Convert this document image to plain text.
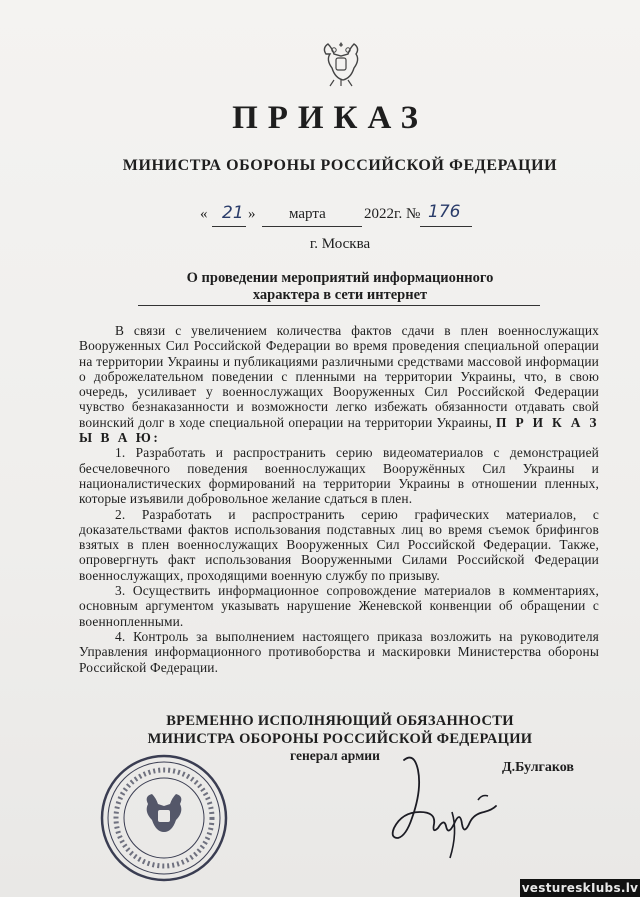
ПРИКАЗ
МИНИСТРА ОБОРОНЫ РОССИЙСКОЙ ФЕДЕРАЦИИ
« 21 » марта	2022г. № 176
г. Москва
О проведении мероприятий информационного
характера в сети интернет

В связи с увеличением количества фактов сдачи в плен военнослужащих Вооруженных Сил Российской Федерации во время проведения специальной операции на территории Украины и публикациями различными средствами массовой информации о доброжелательном поведении с пленными на территории Украины, что, в свою очередь, усиливает у военнослужащих Вооруженных Сил Российской Федерации чувство безнаказанности и возможности легко избежать обязанности отдавать свой воинский долг в ходе специальной операции на территории Украины, П Р И К А З Ы В А Ю:

1. Разработать и распространить серию видеоматериалов с демонстрацией бесчеловечного поведения военнослужащих Вооружённых Сил Украины и националистических формирований на территории Украины в отношении пленных, которые изъявили добровольное желание сдаться в плен.

2. Разработать и распространить серию графических материалов, с доказательствами фактов использования подставных лиц во время съемок брифингов взятых в плен военнослужащих Вооруженных Сил Российской Федерации. Также, опровергнуть факт использования Вооруженными Силами Российской Федерации военнослужащих, проходящими военную службу по призыву.

3. Осуществить информационное сопровождение материалов в комментариях, основным аргументом указывать нарушение Женевской конвенции об обращении с военнопленными.

4. Контроль за выполнением настоящего приказа возложить на руководителя Управления информационного противоборства и маскировки Министерства обороны Российской Федерации.

ВРЕМЕННО ИСПОЛНЯЮЩИЙ ОБЯЗАННОСТИ
МИНИСТРА ОБОРОНЫ РОССИЙСКОЙ ФЕДЕРАЦИИ
генерал армии
Д.Булгаков
vestureskIubs.lv
